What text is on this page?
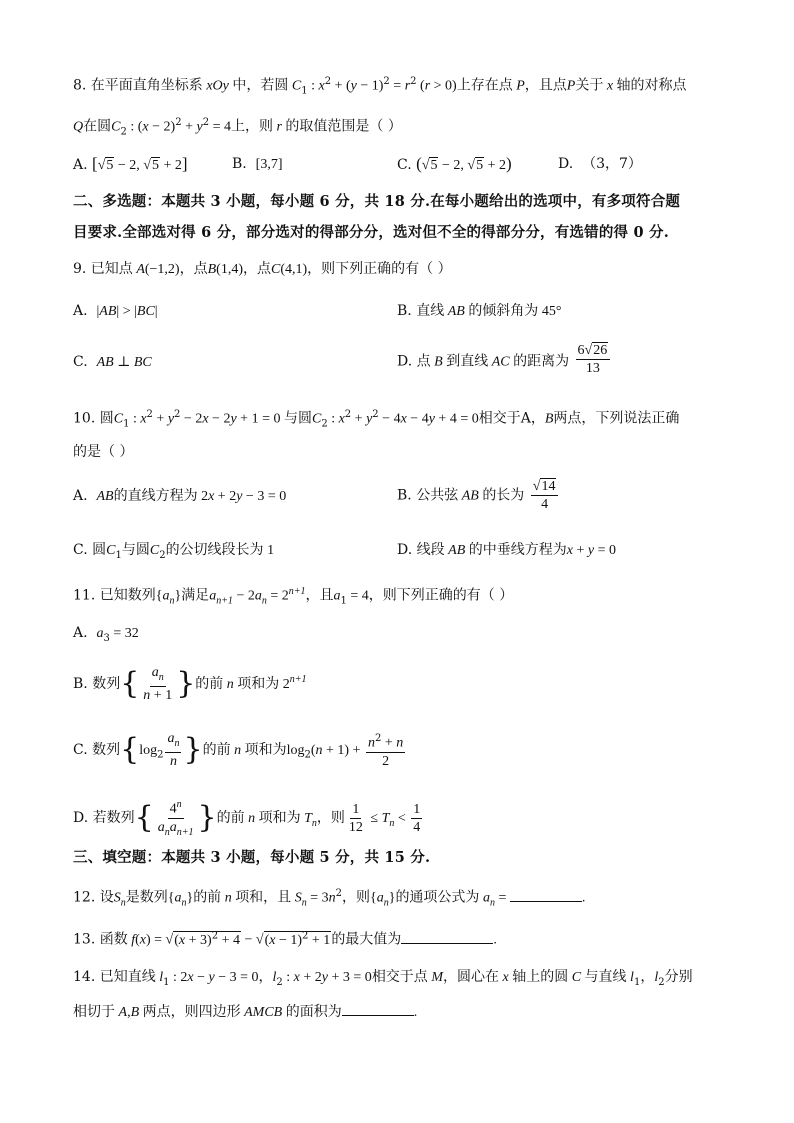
8. 在平面直角坐标系 xOy 中，若圆 $C_1$ : $x^2 + (y - 1)^2 = r^2$ (r > 0)上存在点 P，且点P关于 x 轴的对称点
Q在圆$C_2$ : $(x - 2)^2 + y^2 = 4$上，则 r 的取值范围是（ ）
A. [√5 − 2, √5 + 2]	B. [3,7]	C. (√5 − 2, √5 + 2)	D. （3，7）
二、多选题：本题共 3 小题，每小题 6 分，共 18 分.在每小题给出的选项中，有多项符合题
目要求.全部选对得 6 分，部分选对的得部分分，选对但不全的得部分分，有选错的得 0 分.
9. 已知点 A(−1,2)，点B(1,4)，点C(4,1)，则下列正确的有（ ）
A. |AB| > |BC|	B. 直线 AB 的倾斜角为 45°
C. AB ⊥ BC	D. 点 B 到直线 AC 的距离为 $\frac{6√26}{13}$
10. 圆$C_1$ : $x^2 + y^2 - 2x - 2y + 1 = 0$ 与圆$C_2$ : $x^2 + y^2 - 4x - 4y + 4 = 0$相交于A，B两点，下列说法正确
的是（ ）
A. AB的直线方程为 2x + 2y − 3 = 0	B. 公共弦 AB 的长为 $\frac{√14}{4}$
C. 圆$C_1$与圆$C_2$的公切线段长为 1	D. 线段 AB 的中垂线方程为x + y = 0
11. 已知数列$\{a_n\}$满足$a_{n+1} - 2a_n = 2^{n+1}$，且$a_1 = 4$，则下列正确的有（ ）
A. $a_3 = 32$
B. 数列{ $\frac{a_n}{n + 1}$ }的前 n 项和为 $2^{n+1}$
C. 数列{$\log_2 \frac{a_n}{n}$ }的前 n 项和为$\log_2(n + 1) + \frac{n^2 + n}{2}$
D. 若数列{ $\frac{4^n}{a_na_{n+1}}$ }的前 n 项和为 $T_n$，则 $\frac{1}{12} \le T_n < \frac{1}{4}$
三、填空题：本题共 3 小题，每小题 5 分，共 15 分.
12. 设$S_n$是数列$\{a_n\}$的前 n 项和，且 $S_n = 3n^2$，则$\{a_n\}$的通项公式为 $a_n$ =	.
13. 函数 $f(x) = √(x + 3)^2 + 4 - √(x - 1)^2 + 1$的最大值为	.
14. 已知直线 $l_1$ : 2x − y − 3 = 0，$l_2$ : x + 2y + 3 = 0相交于点 M，圆心在 x 轴上的圆 C 与直线 $l_1$，$l_2$分别
相切于 A,B 两点，则四边形 AMCB 的面积为	.
